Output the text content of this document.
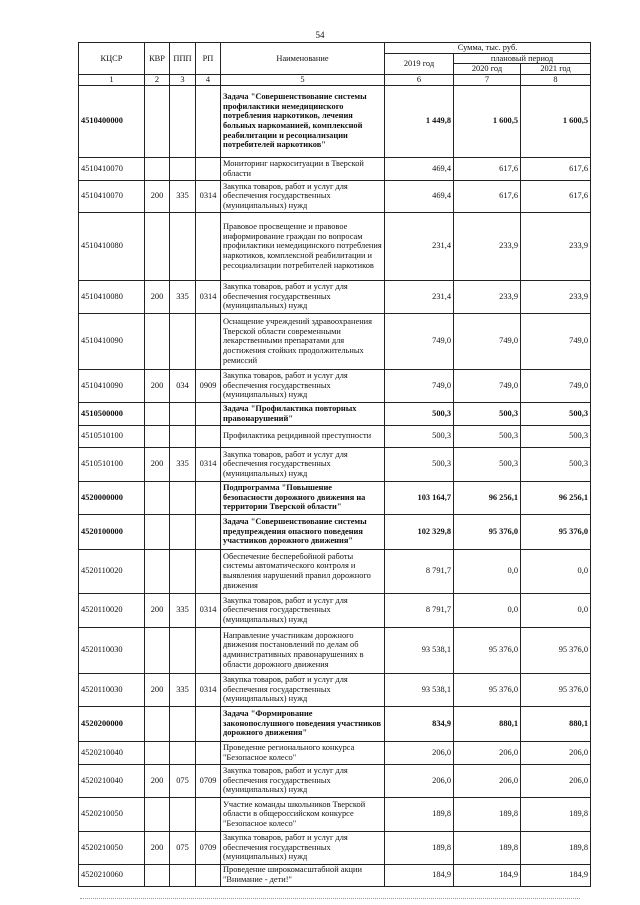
54
КЦСР	КВР	ППП	РП	Наименование	Сумма, тыс. руб.		
					2019 год	плановый период	
						2020 год	2021 год
1	2	3	4	5	6	7	8
4510400000				Задача "Совершенствование системы профилактики немедицинского потребления наркотиков, лечения больных наркоманией, комплексной реабилитации и ресоциализации потребителей наркотиков"	1 449,8	1 600,5	1 600,5
4510410070				Мониторинг наркоситуации в Тверской области	469,4	617,6	617,6
4510410070	200	335	0314	Закупка товаров, работ и услуг для обеспечения государственных (муниципальных) нужд	469,4	617,6	617,6
4510410080				Правовое просвещение и правовое информирование граждан по вопросам профилактики немедицинского потребления наркотиков, комплексной реабилитации и ресоциализации потребителей наркотиков	231,4	233,9	233,9
4510410080	200	335	0314	Закупка товаров, работ и услуг для обеспечения государственных (муниципальных) нужд	231,4	233,9	233,9
4510410090				Оснащение учреждений здравоохранения Тверской области современными лекарственными препаратами для достижения стойких продолжительных ремиссий	749,0	749,0	749,0
4510410090	200	034	0909	Закупка товаров, работ и услуг для обеспечения государственных (муниципальных) нужд	749,0	749,0	749,0
4510500000				Задача "Профилактика повторных правонарушений"	500,3	500,3	500,3
4510510100				Профилактика рецидивной преступности	500,3	500,3	500,3
4510510100	200	335	0314	Закупка товаров, работ и услуг для обеспечения государственных (муниципальных) нужд	500,3	500,3	500,3
4520000000				Подпрограмма "Повышение безопасности дорожного движения на территории Тверской области"	103 164,7	96 256,1	96 256,1
4520100000				Задача "Совершенствование системы предупреждения опасного поведения участников дорожного движения"	102 329,8	95 376,0	95 376,0
4520110020				Обеспечение бесперебойной работы системы автоматического контроля и выявления нарушений правил дорожного движения	8 791,7	0,0	0,0
4520110020	200	335	0314	Закупка товаров, работ и услуг для обеспечения государственных (муниципальных) нужд	8 791,7	0,0	0,0
4520110030				Направление участникам дорожного движения постановлений по делам об административных правонарушениях в области дорожного движения	93 538,1	95 376,0	95 376,0
4520110030	200	335	0314	Закупка товаров, работ и услуг для обеспечения государственных (муниципальных) нужд	93 538,1	95 376,0	95 376,0
4520200000				Задача "Формирование законопослушного поведения участников дорожного движения"	834,9	880,1	880,1
4520210040				Проведение регионального конкурса "Безопасное колесо"	206,0	206,0	206,0
4520210040	200	075	0709	Закупка товаров, работ и услуг для обеспечения государственных (муниципальных) нужд	206,0	206,0	206,0
4520210050				Участие команды школьников Тверской области в общероссийском конкурсе "Безопасное колесо"	189,8	189,8	189,8
4520210050	200	075	0709	Закупка товаров, работ и услуг для обеспечения государственных (муниципальных) нужд	189,8	189,8	189,8
4520210060				Проведение широкомасштабной акции "Внимание - дети!"	184,9	184,9	184,9
